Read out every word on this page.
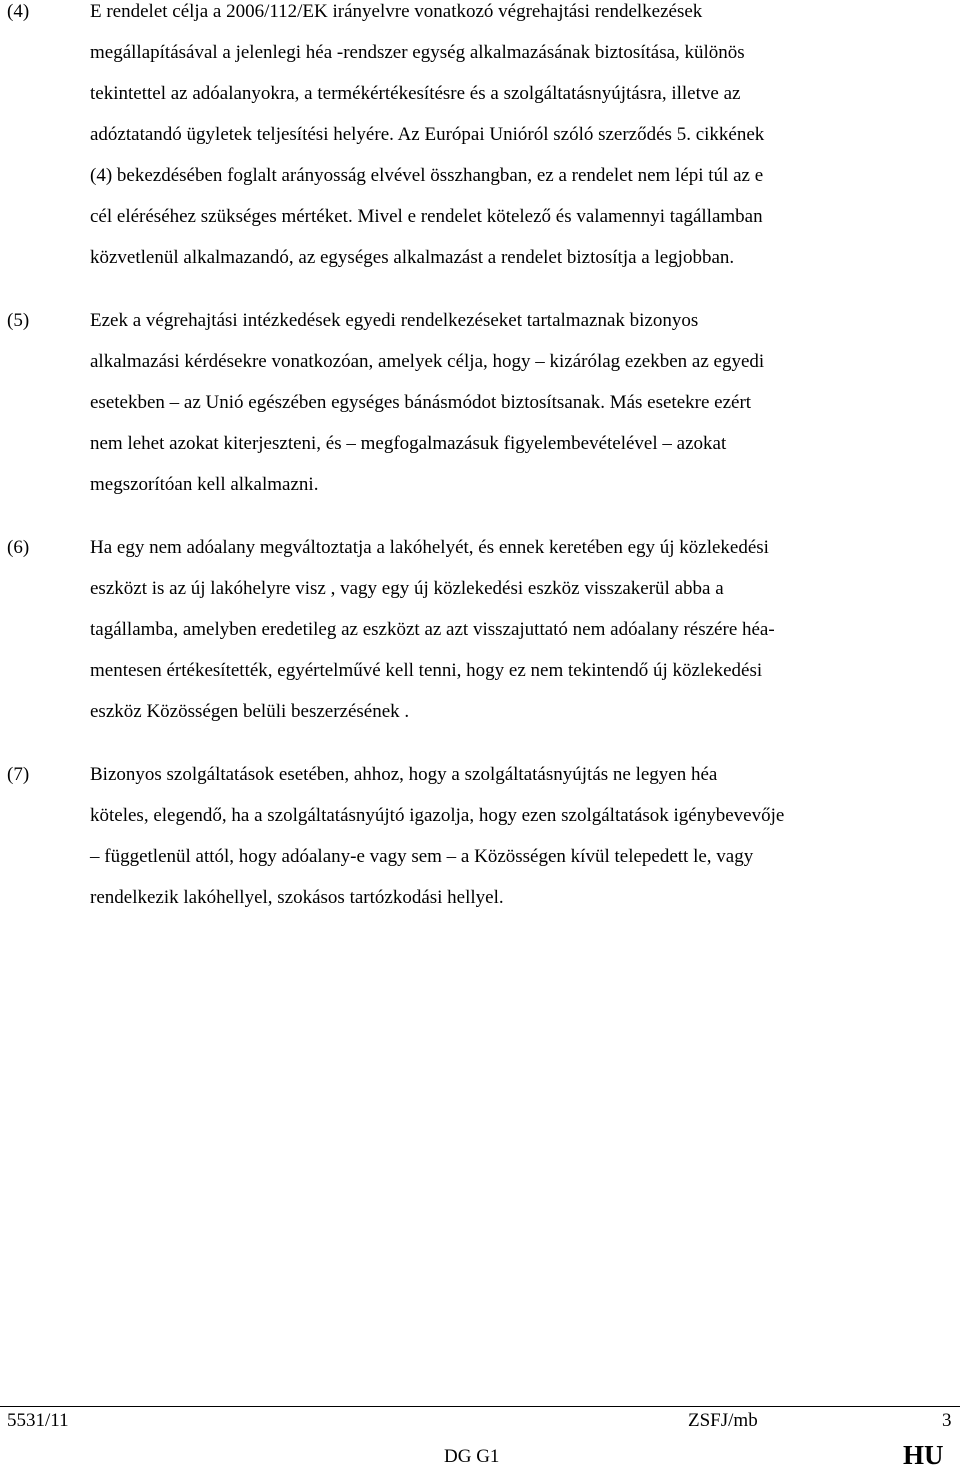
(4)	E rendelet célja a 2006/112/EK irányelvre vonatkozó végrehajtási rendelkezések
megállapításával a jelenlegi héa -rendszer egység alkalmazásának biztosítása, különös
tekintettel az adóalanyokra, a termékértékesítésre és a szolgáltatásnyújtásra, illetve az
adóztatandó ügyletek teljesítési helyére. Az Európai Unióról szóló szerződés 5. cikkének
(4) bekezdésében foglalt arányosság elvével összhangban, ez a rendelet nem lépi túl az e
cél eléréséhez szükséges mértéket. Mivel e rendelet kötelező és valamennyi tagállamban
közvetlenül alkalmazandó, az egységes alkalmazást a rendelet biztosítja a legjobban.
(5)	Ezek a végrehajtási intézkedések egyedi rendelkezéseket tartalmaznak bizonyos
alkalmazási kérdésekre vonatkozóan, amelyek célja, hogy – kizárólag ezekben az egyedi
esetekben – az Unió egészében egységes bánásmódot biztosítsanak. Más esetekre ezért
nem lehet azokat kiterjeszteni, és – megfogalmazásuk figyelembevételével – azokat
megszorítóan kell alkalmazni.
(6)	Ha egy nem adóalany megváltoztatja a lakóhelyét, és ennek keretében egy új közlekedési
eszközt is az új lakóhelyre visz , vagy egy új közlekedési eszköz visszakerül abba a
tagállamba, amelyben eredetileg az eszközt az azt visszajuttató nem adóalany részére héa-
mentesen értékesítették, egyértelművé kell tenni, hogy ez nem tekintendő új közlekedési
eszköz Közösségen belüli beszerzésének .
(7)	Bizonyos szolgáltatások esetében, ahhoz, hogy a szolgáltatásnyújtás ne legyen héa
köteles, elegendő, ha a szolgáltatásnyújtó igazolja, hogy ezen szolgáltatások igénybevevője
– függetlenül attól, hogy adóalany-e vagy sem – a Közösségen kívül telepedett le, vagy
rendelkezik lakóhellyel, szokásos tartózkodási hellyel.
5531/11	ZSFJ/mb	3
DG G1	HU
